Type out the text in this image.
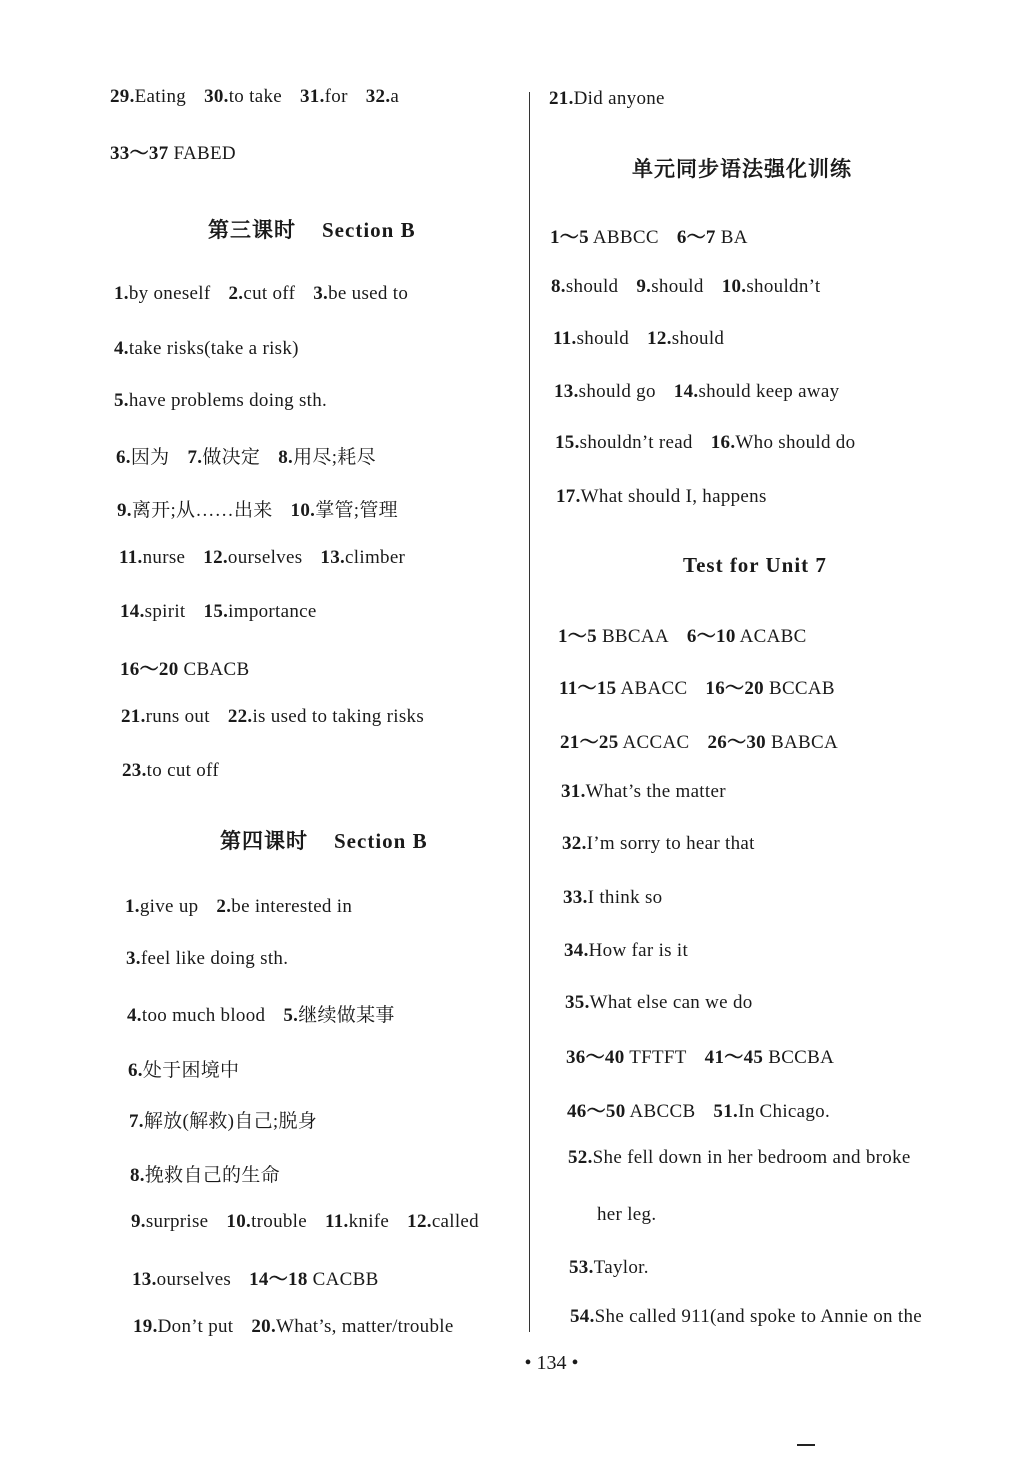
29.Eating 30.to take 31.for 32.a
33～37 FABED
第三课时 Section B
1.by oneself 2.cut off 3.be used to
4.take risks(take a risk)
5.have problems doing sth.
6.因为 7.做决定 8.用尽;耗尽
9.离开;从……出来 10.掌管;管理
11.nurse 12.ourselves 13.climber
14.spirit 15.importance
16～20 CBACB
21.runs out 22.is used to taking risks
23.to cut off
第四课时 Section B
1.give up 2.be interested in
3.feel like doing sth.
4.too much blood 5.继续做某事
6.处于困境中
7.解放(解救)自己;脱身
8.挽救自己的生命
9.surprise 10.trouble 11.knife 12.called
13.ourselves 14～18 CACBB
19.Don’t put 20.What’s, matter/trouble
21.Did anyone
单元同步语法强化训练
1～5 ABBCC 6～7 BA
8.should 9.should 10.shouldn’t
11.should 12.should
13.should go 14.should keep away
15.shouldn’t read 16.Who should do
17.What should I, happens
Test for Unit 7
1～5 BBCAA 6～10 ACABC
11～15 ABACC 16～20 BCCAB
21～25 ACCAC 26～30 BABCA
31.What’s the matter
32.I’m sorry to hear that
33.I think so
34.How far is it
35.What else can we do
36～40 TFTFT 41～45 BCCBA
46～50 ABCCB 51.In Chicago.
52.She fell down in her bedroom and broke
her leg.
53.Taylor.
54.She called 911(and spoke to Annie on the
• 134 •
